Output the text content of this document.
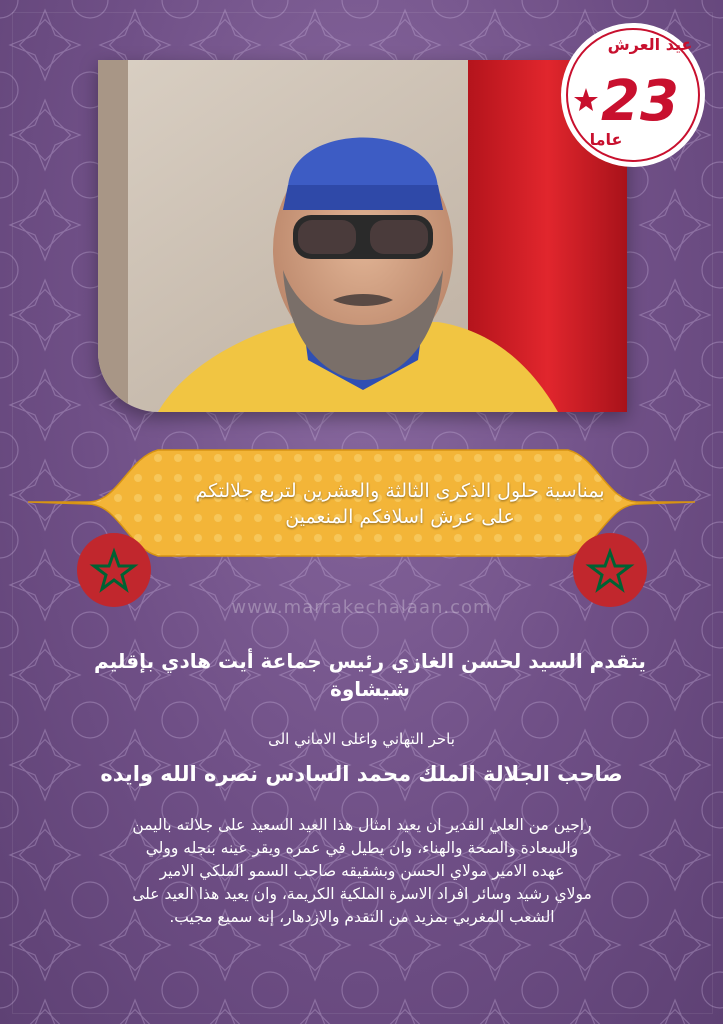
عيد العرش
23
عاما
بمناسبة حلول الذكرى الثالثة والعشرين لتربع جلالتكم
على عرش اسلافكم المنعمين
www.marrakechalaan.com
يتقدم السيد لحسن الغازي رئيس جماعة أيت هادي بإقليم شيشاوة
باحر التهاني واغلى الاماني الى
صاحب الجلالة الملك محمد السادس نصره الله وايده
راجين من العلي القدير ان يعيد امثال هذا العيد السعيد على جلالته باليمن
والسعادة والصحة والهناء، وان يطيل في عمره ويقر عينه بنجله وولي
عهده الامير مولاي الحسن وبشقيقه صاحب السمو الملكي الامير
مولاي رشيد وسائر افراد الاسرة الملكية الكريمة، وان يعيد هذا العيد على
الشعب المغربي بمزيد من التقدم والازدهار، إنه سميع مجيب.
